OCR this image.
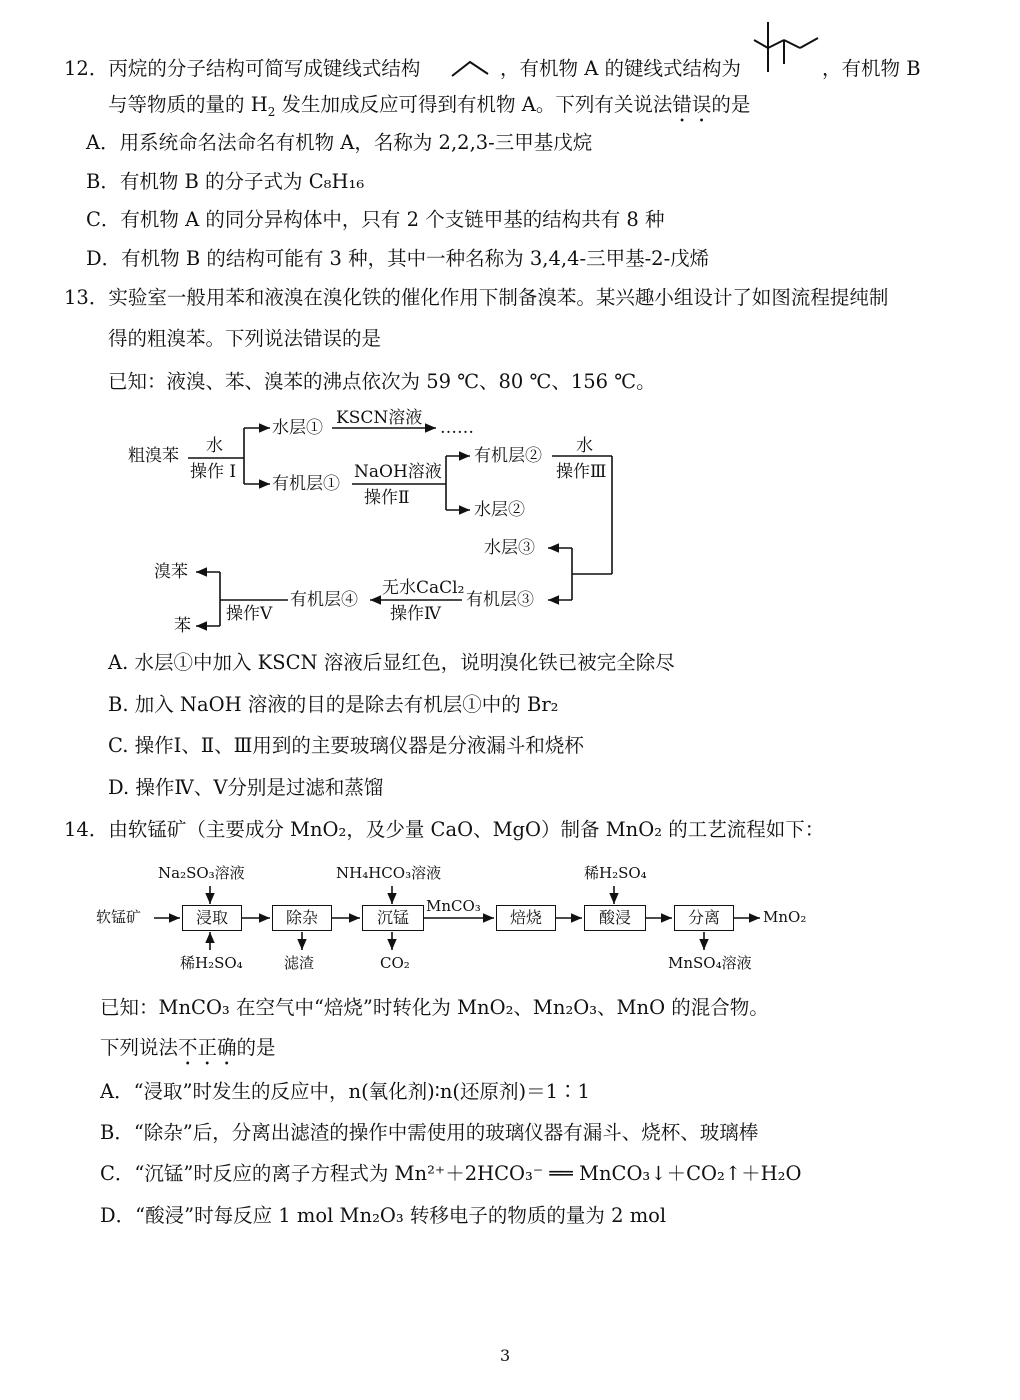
12．丙烷的分子结构可简写成键线式结构	，有机物 A 的键线式结构为	，有机物 B
与等物质的量的 $H_2$ 发生加成反应可得到有机物 A。下列有关说法错误的是
A．用系统命名法命名有机物 A，名称为 2,2,3-三甲基戊烷
B．有机物 B 的分子式为 C₈H₁₆
C．有机物 A 的同分异构体中，只有 2 个支链甲基的结构共有 8 种
D．有机物 B 的结构可能有 3 种，其中一种名称为 3,4,4-三甲基-2-戊烯
13．实验室一般用苯和液溴在溴化铁的催化作用下制备溴苯。某兴趣小组设计了如图流程提纯制
得的粗溴苯。下列说法错误的是
已知：液溴、苯、溴苯的沸点依次为 59 ℃、80 ℃、156 ℃。
粗溴苯 水
操作 I
水层① KSCN溶液 ……
有机层①
NaOH溶液
操作Ⅱ
有机层②
水层②
水
操作Ⅲ
水层③
有机层③
无水CaCl₂
操作Ⅳ
有机层④
操作Ⅴ
溴苯
苯
A. 水层①中加入 KSCN 溶液后显红色，说明溴化铁已被完全除尽
B. 加入 NaOH 溶液的目的是除去有机层①中的 Br₂
C. 操作I、Ⅱ、Ⅲ用到的主要玻璃仪器是分液漏斗和烧杯
D. 操作Ⅳ、Ⅴ分别是过滤和蒸馏
14．由软锰矿（主要成分 MnO₂，及少量 CaO、MgO）制备 MnO₂ 的工艺流程如下：
软锰矿	浸取	除杂	沉锰	焙烧	酸浸	分离	MnO₂
Na₂SO₃溶液
稀H₂SO₄	滤渣
NH₄HCO₃溶液
CO₂
MnCO₃
稀H₂SO₄
MnSO₄溶液
已知：MnCO₃ 在空气中“焙烧”时转化为 MnO₂、Mn₂O₃、MnO 的混合物。
下列说法不正确的是
A．“浸取”时发生的反应中，n(氧化剂)∶n(还原剂)＝1∶1
B．“除杂”后，分离出滤渣的操作中需使用的玻璃仪器有漏斗、烧杯、玻璃棒
C．“沉锰”时反应的离子方程式为 Mn²⁺＋2HCO₃⁻ ══ MnCO₃↓＋CO₂↑＋H₂O
D．“酸浸”时每反应 1 mol Mn₂O₃ 转移电子的物质的量为 2 mol
3
